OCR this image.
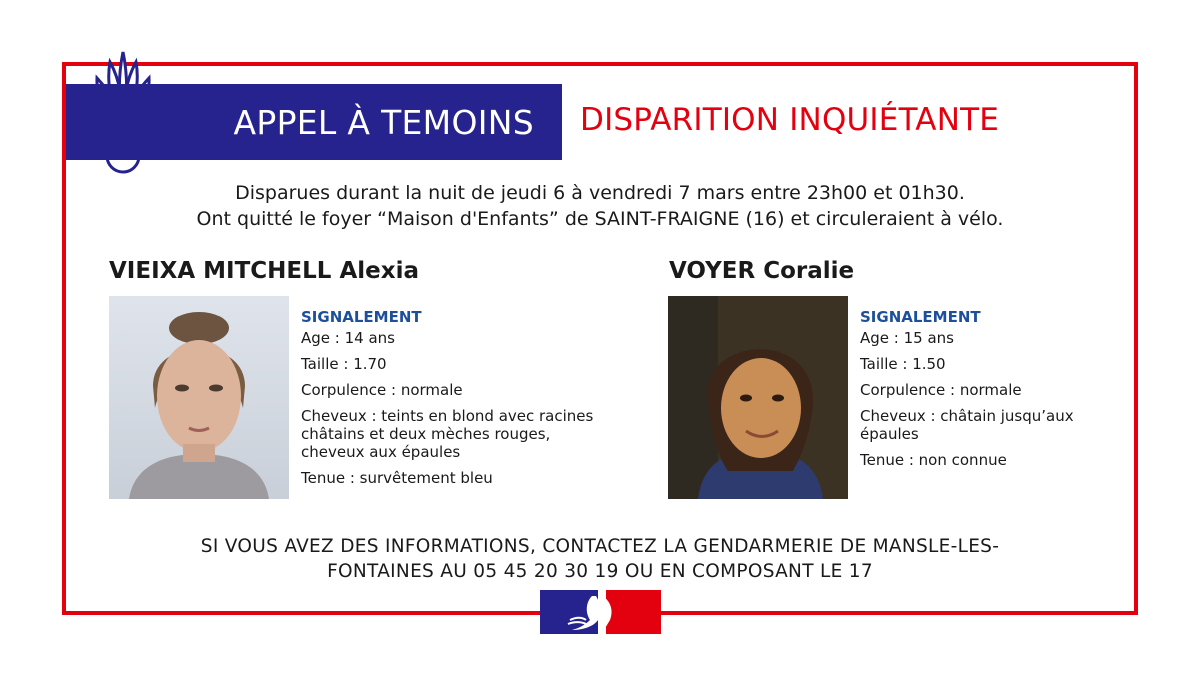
APPEL À TEMOINS DISPARITION INQUIÉTANTE
Disparues durant la nuit de jeudi 6 à vendredi 7 mars entre 23h00 et 01h30.
Ont quitté le foyer “Maison d'Enfants” de SAINT-FRAIGNE (16) et circuleraient à vélo.
VIEIXA MITCHELL Alexia
SIGNALEMENT
Age : 14 ans
Taille : 1.70
Corpulence : normale
Cheveux : teints en blond avec racines châtains et deux mèches rouges, cheveux aux épaules
Tenue : survêtement bleu
VOYER Coralie
SIGNALEMENT
Age : 15 ans
Taille : 1.50
Corpulence : normale
Cheveux : châtain jusqu’aux épaules
Tenue : non connue
SI VOUS AVEZ DES INFORMATIONS, CONTACTEZ LA GENDARMERIE DE MANSLE-LES-
FONTAINES AU 05 45 20 30 19 OU EN COMPOSANT LE 17
